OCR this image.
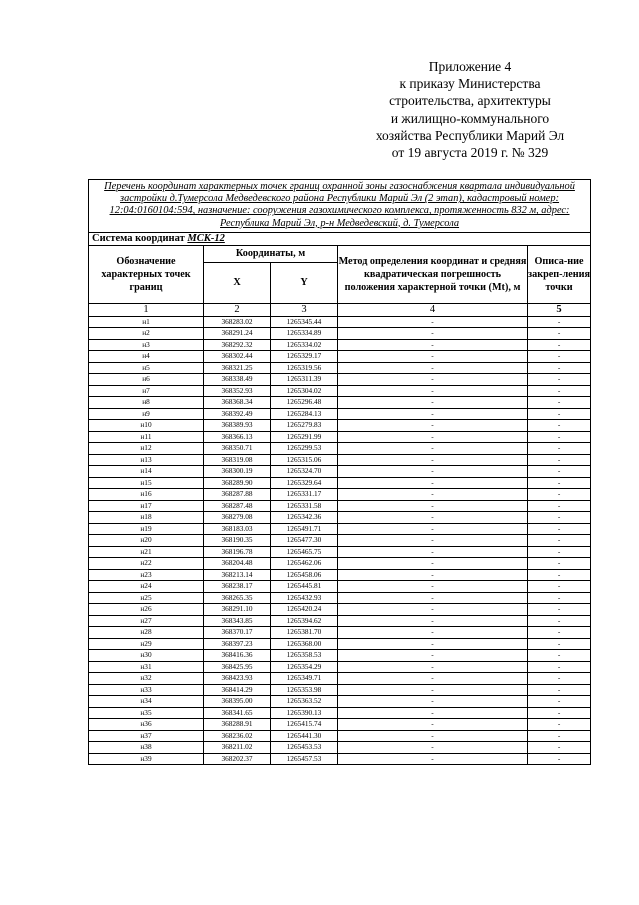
Приложение 4
к приказу Министерства
строительства, архитектуры
и жилищно-коммунального
хозяйства Республики Марий Эл
от 19 августа 2019 г. № 329
Перечень координат характерных точек границ охранной зоны газоснабжения квартала индивидуальной застройки д.Тумерсола Медведевского района Республики Марий Эл (2 этап), кадастровый номер: 12:04:0160104:594, назначение: сооружения газохимического комплекса, протяженность 832 м, адрес: Республика Марий Эл, р-н Медведевский, д. Тумерсола				
Система координат МСК-12				
Обозначение характерных точек границ	Координаты, м		Метод определения координат и средняя квадратическая погрешность положения характерной точки (Mt), м	Описа-ние закреп-ления точки
	X	Y		
1	2	3	4	5
н1	368283.02	1265345.44	-	-
н2	368291.24	1265334.89	-	-
н3	368292.32	1265334.02	-	-
н4	368302.44	1265329.17	-	-
н5	368321.25	1265319.56	-	-
н6	368338.49	1265311.39	-	-
н7	368352.93	1265304.02	-	-
н8	368368.34	1265296.48	-	-
н9	368392.49	1265284.13	-	-
н10	368389.93	1265279.83	-	-
н11	368366.13	1265291.99	-	-
н12	368350.71	1265299.53	-	-
н13	368319.08	1265315.06	-	-
н14	368300.19	1265324.70	-	-
н15	368289.90	1265329.64	-	-
н16	368287.88	1265331.17	-	-
н17	368287.48	1265331.58	-	-
н18	368279.08	1265342.36	-	-
н19	368183.03	1265491.71	-	-
н20	368190.35	1265477.30	-	-
н21	368196.78	1265465.75	-	-
н22	368204.48	1265462.06	-	-
н23	368213.14	1265458.06	-	-
н24	368238.17	1265445.81	-	-
н25	368265.35	1265432.93	-	-
н26	368291.10	1265420.24	-	-
н27	368343.85	1265394.62	-	-
н28	368370.17	1265381.70	-	-
н29	368397.23	1265368.00	-	-
н30	368416.36	1265358.53	-	-
н31	368425.95	1265354.29	-	-
н32	368423.93	1265349.71	-	-
н33	368414.29	1265353.98	-	-
н34	368395.00	1265363.52	-	-
н35	368341.65	1265390.13	-	-
н36	368288.91	1265415.74	-	-
н37	368236.02	1265441.30	-	-
н38	368211.02	1265453.53	-	-
н39	368202.37	1265457.53	-	-
